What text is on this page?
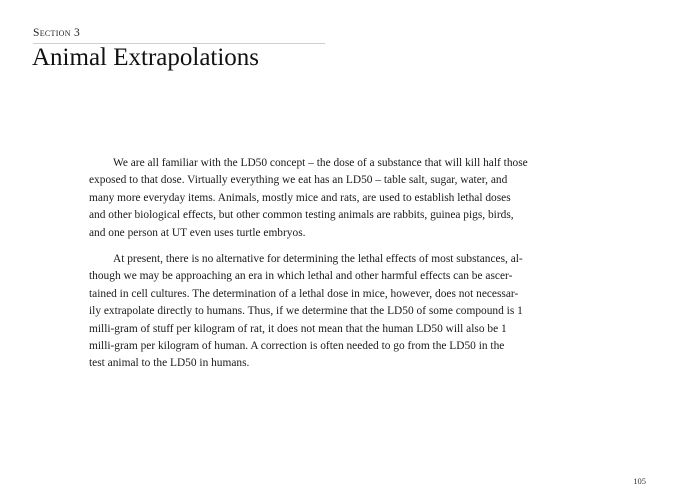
Section 3
Animal Extrapolations

We are all familiar with the LD50 concept – the dose of a substance that will kill half those
exposed to that dose. Virtually everything we eat has an LD50 – table salt, sugar, water, and
many more everyday items. Animals, mostly mice and rats, are used to establish lethal doses
and other biological effects, but other common testing animals are rabbits, guinea pigs, birds,
and one person at UT even uses turtle embryos.

At present, there is no alternative for determining the lethal effects of most substances, al-
though we may be approaching an era in which lethal and other harmful effects can be ascer-
tained in cell cultures. The determination of a lethal dose in mice, however, does not necessar-
ily extrapolate directly to humans. Thus, if we determine that the LD50 of some compound is 1
milli-gram of stuff per kilogram of rat, it does not mean that the human LD50 will also be 1
milli-gram per kilogram of human. A correction is often needed to go from the LD50 in the
test animal to the LD50 in humans.

105
